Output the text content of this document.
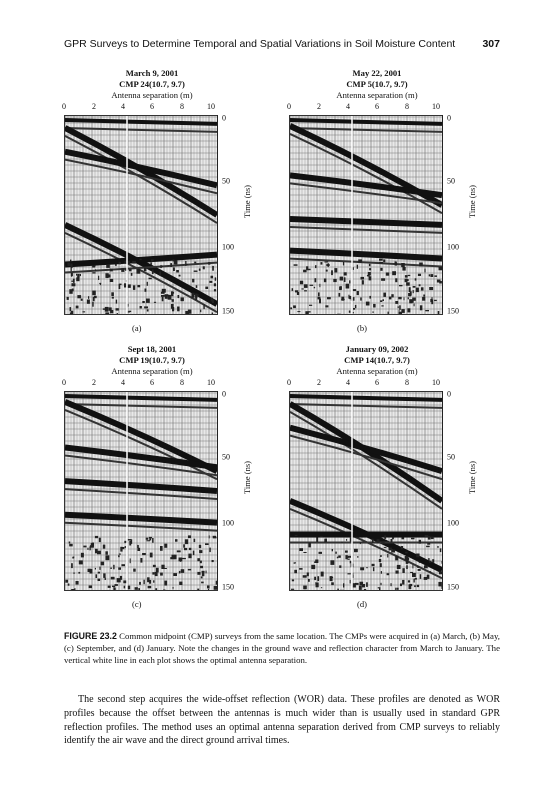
GPR Surveys to Determine Temporal and Spatial Variations in Soil Moisture Content	307
March 9, 2001
CMP 24(10.7, 9.7)
Antenna separation (m)
0	2	4	6	8	10
0
50
100
150
Time (ns)
(a)
May 22, 2001
CMP 5(10.7, 9.7)
Antenna separation (m)
0	2	4	6	8	10
0
50
100
150
Time (ns)
(b)
Sept 18, 2001
CMP 19(10.7, 9.7)
Antenna separation (m)
0	2	4	6	8	10
0
50
100
150
Time (ns)
(c)
January 09, 2002
CMP 14(10.7, 9.7)
Antenna separation (m)
0	2	4	6	8	10
0
50
100
150
Time (ns)
(d)
FIGURE 23.2 Common midpoint (CMP) surveys from the same location. The CMPs were acquired in (a) March, (b) May, (c) September, and (d) January. Note the changes in the ground wave and reflection character from March to January. The vertical white line in each plot shows the optimal antenna separation.
The second step acquires the wide-offset reflection (WOR) data. These profiles are denoted as WOR profiles because the offset between the antennas is much wider than is usually used in standard GPR reflection profiles. The method uses an optimal antenna separation derived from CMP surveys to reliably identify the air wave and the direct ground arrival times.
